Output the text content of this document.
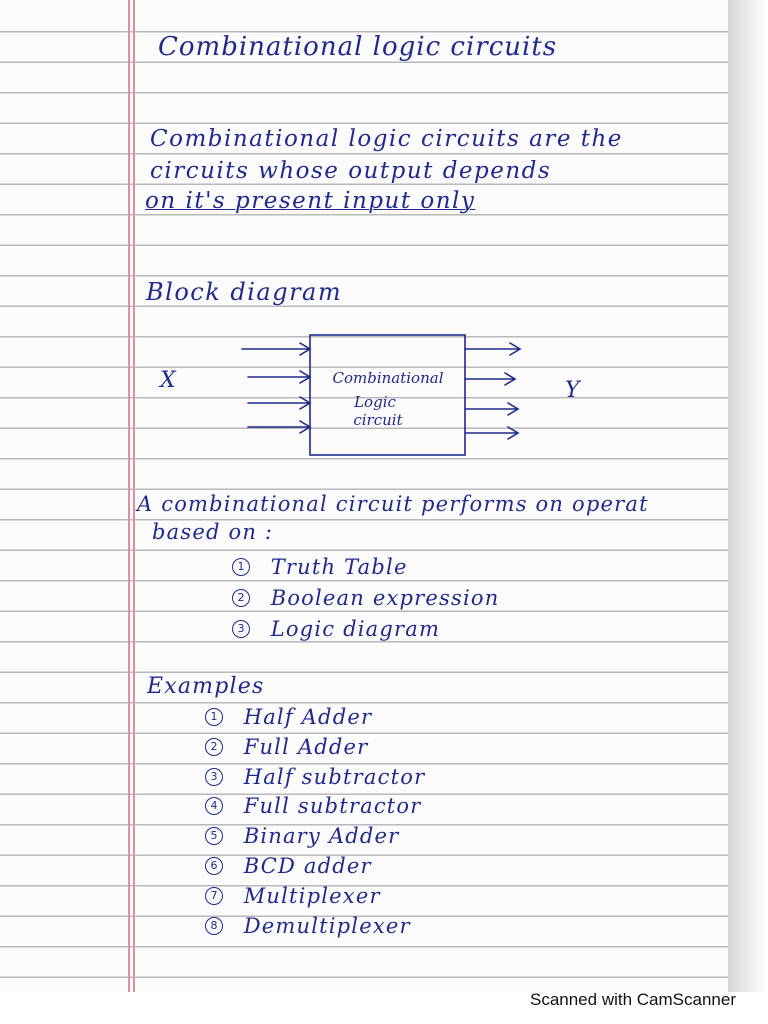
Combinational logic circuits
Combinational logic circuits are the
circuits whose output depends
on it's present input only
Block diagram
X	Y
Combinational
Logic
circuit
A combinational circuit performs on operat
based on :
1 Truth Table
2 Boolean expression
3 Logic diagram
Examples
1 Half Adder
2 Full Adder
3 Half subtractor
4 Full subtractor
5 Binary Adder
6 BCD adder
7 Multiplexer
8 Demultiplexer
Scanned with CamScanner
